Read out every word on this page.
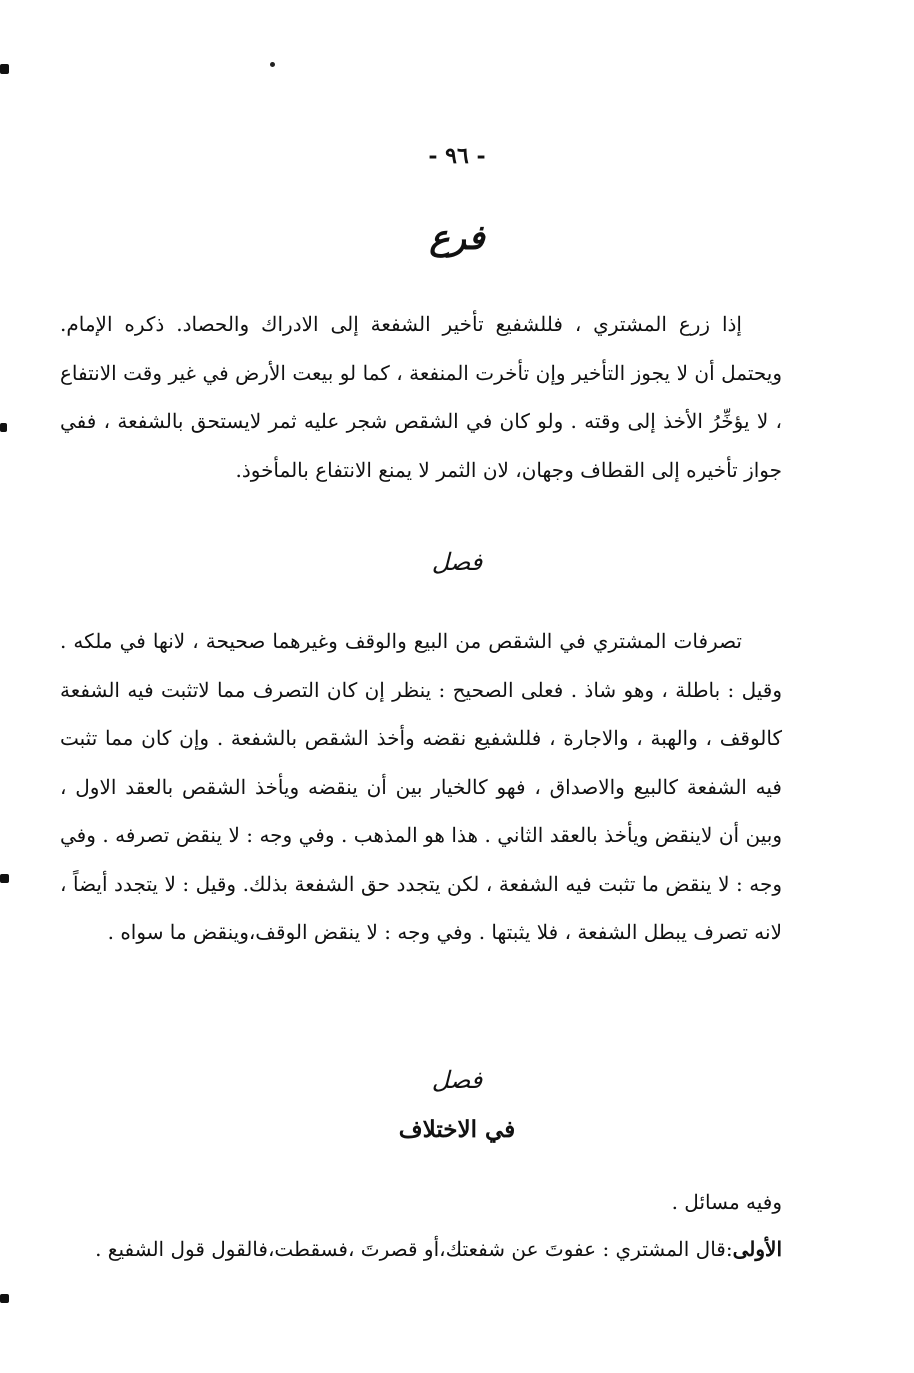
- ٩٦ -
فرع
إذا زرع المشتري ، فللشفيع تأخير الشفعة إلى الادراك والحصاد. ذكره الإمام. ويحتمل أن لا يجوز التأخير وإن تأخرت المنفعة ، كما لو بيعت الأرض في غير وقت الانتفاع ، لا يؤخِّرُ الأخذ إلى وقته . ولو كان في الشقص شجر عليه ثمر لايستحق بالشفعة ، ففي جواز تأخيره إلى القطاف وجهان، لان الثمر لا يمنع الانتفاع بالمأخوذ.
فصل
تصرفات المشتري في الشقص من البيع والوقف وغيرهما صحيحة ، لانها في ملكه . وقيل : باطلة ، وهو شاذ . فعلى الصحيح : ينظر إن كان التصرف مما لاتثبت فيه الشفعة كالوقف ، والهبة ، والاجارة ، فللشفيع نقضه وأخذ الشقص بالشفعة . وإن كان مما تثبت فيه الشفعة كالبيع والاصداق ، فهو كالخيار بين أن ينقضه ويأخذ الشقص بالعقد الاول ، وبين أن لاينقض ويأخذ بالعقد الثاني . هذا هو المذهب . وفي وجه : لا ينقض تصرفه . وفي وجه : لا ينقض ما تثبت فيه الشفعة ، لكن يتجدد حق الشفعة بذلك. وقيل : لا يتجدد أيضاً ، لانه تصرف يبطل الشفعة ، فلا يثبتها . وفي وجه : لا ينقض الوقف،وينقض ما سواه .
فصل
في الاختلاف
وفيه مسائل .
الأولى:قال المشتري : عفوتَ عن شفعتك،أو قصرتَ ،فسقطت،فالقول قول الشفيع .
